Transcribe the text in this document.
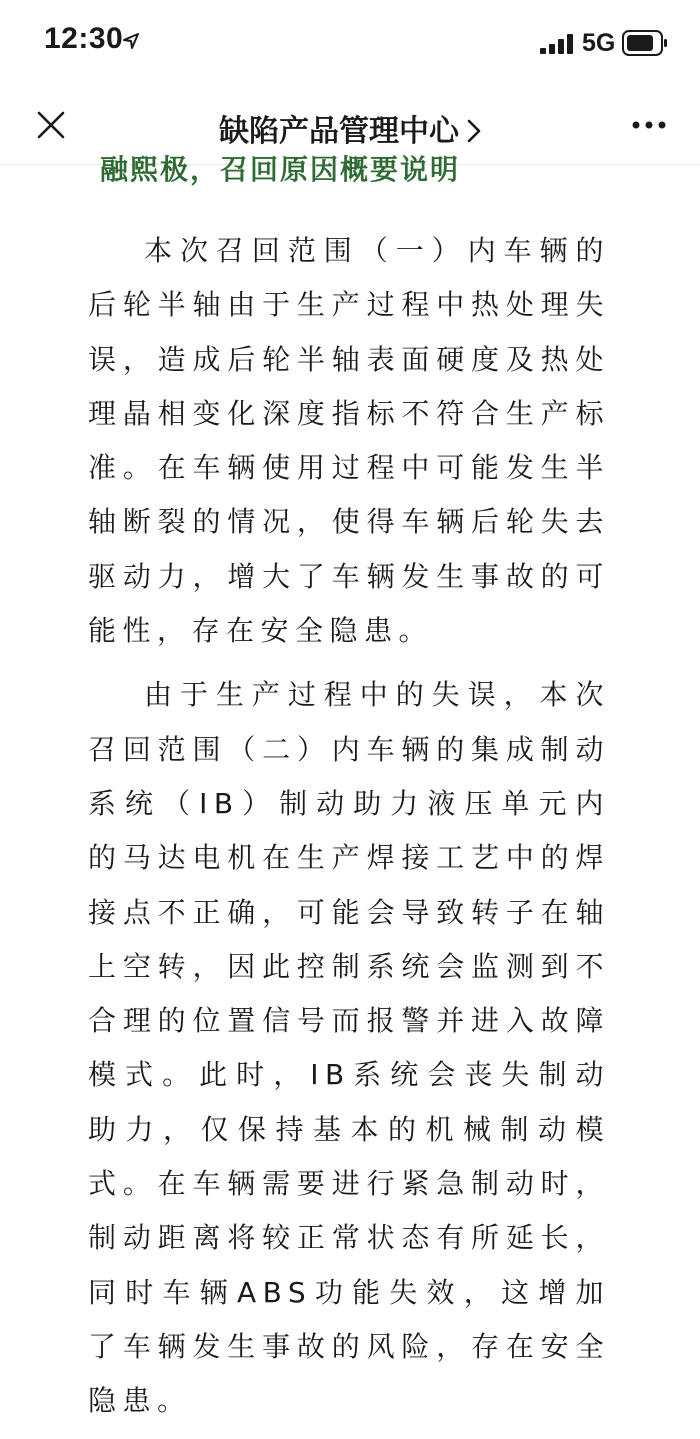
12:30	5G
缺陷产品管理中心
融熙极，召回原因概要说明

本次召回范围（一）内车辆的后轮半轴由于生产过程中热处理失误，造成后轮半轴表面硬度及热处理晶相变化深度指标不符合生产标准。在车辆使用过程中可能发生半轴断裂的情况，使得车辆后轮失去驱动力，增大了车辆发生事故的可能性，存在安全隐患。

由于生产过程中的失误，本次召回范围（二）内车辆的集成制动系统（IB）制动助力液压单元内的马达电机在生产焊接工艺中的焊接点不正确，可能会导致转子在轴上空转，因此控制系统会监测到不合理的位置信号而报警并进入故障模式。此时，IB系统会丧失制动助力，仅保持基本的机械制动模式。在车辆需要进行紧急制动时，制动距离将较正常状态有所延长，同时车辆ABS功能失效，这增加了车辆发生事故的风险，存在安全隐患。
